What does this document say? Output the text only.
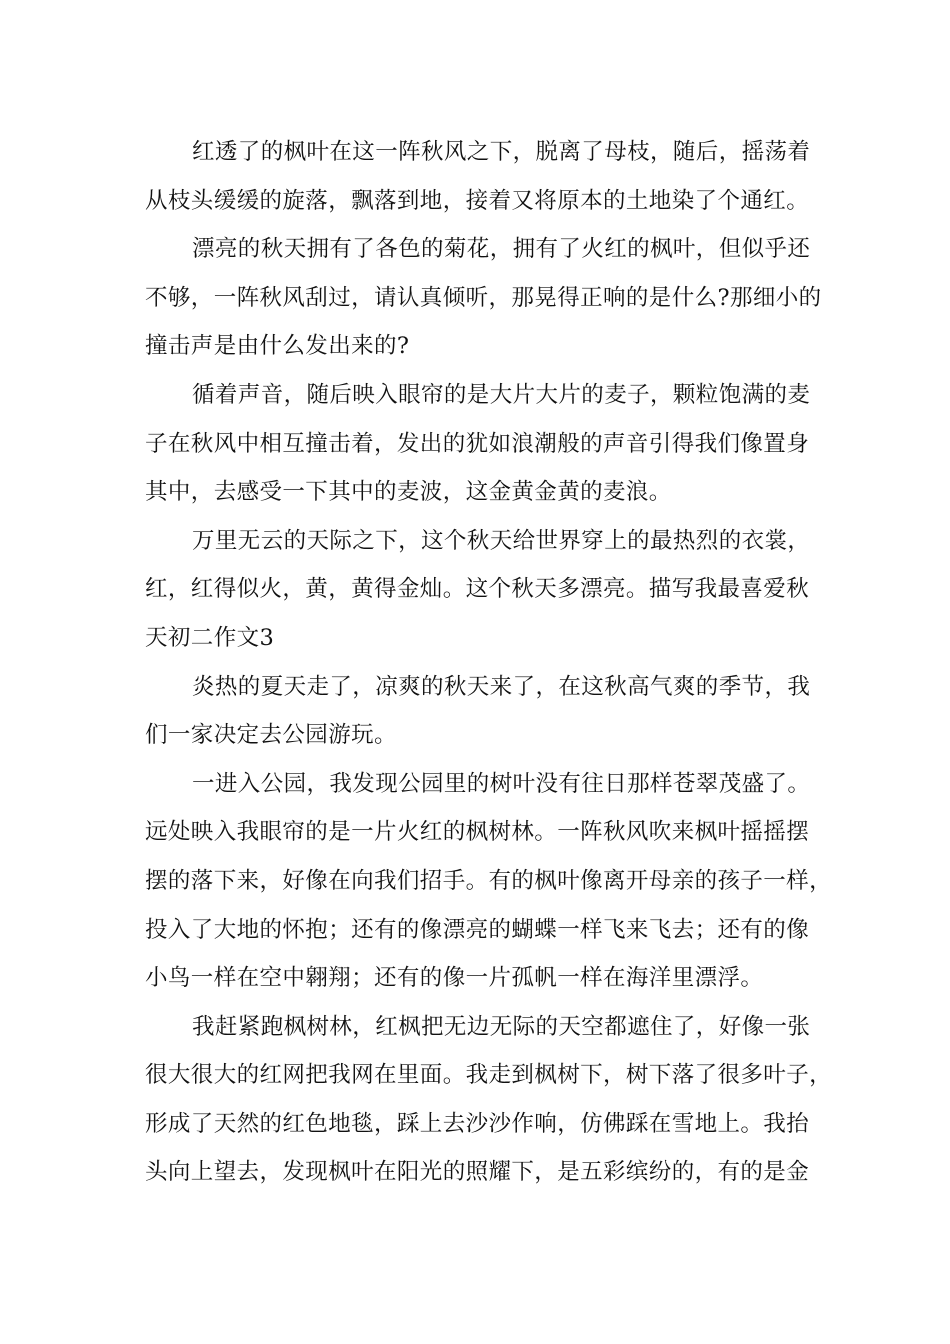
红透了的枫叶在这一阵秋风之下，脱离了母枝，随后，摇荡着
从枝头缓缓的旋落，飘落到地，接着又将原本的土地染了个通红。

漂亮的秋天拥有了各色的菊花，拥有了火红的枫叶，但似乎还
不够，一阵秋风刮过，请认真倾听，那晃得正响的是什么?那细小的
撞击声是由什么发出来的?

循着声音，随后映入眼帘的是大片大片的麦子，颗粒饱满的麦
子在秋风中相互撞击着，发出的犹如浪潮般的声音引得我们像置身
其中，去感受一下其中的麦波，这金黄金黄的麦浪。

万里无云的天际之下，这个秋天给世界穿上的最热烈的衣裳，
红，红得似火，黄，黄得金灿。这个秋天多漂亮。描写我最喜爱秋
天初二作文3

炎热的夏天走了，凉爽的秋天来了，在这秋高气爽的季节，我
们一家决定去公园游玩。

一进入公园，我发现公园里的树叶没有往日那样苍翠茂盛了。
远处映入我眼帘的是一片火红的枫树林。一阵秋风吹来枫叶摇摇摆
摆的落下来，好像在向我们招手。有的枫叶像离开母亲的孩子一样，
投入了大地的怀抱；还有的像漂亮的蝴蝶一样飞来飞去；还有的像
小鸟一样在空中翱翔；还有的像一片孤帆一样在海洋里漂浮。

我赶紧跑枫树林，红枫把无边无际的天空都遮住了，好像一张
很大很大的红网把我网在里面。我走到枫树下，树下落了很多叶子，
形成了天然的红色地毯，踩上去沙沙作响，仿佛踩在雪地上。我抬
头向上望去，发现枫叶在阳光的照耀下，是五彩缤纷的，有的是金
